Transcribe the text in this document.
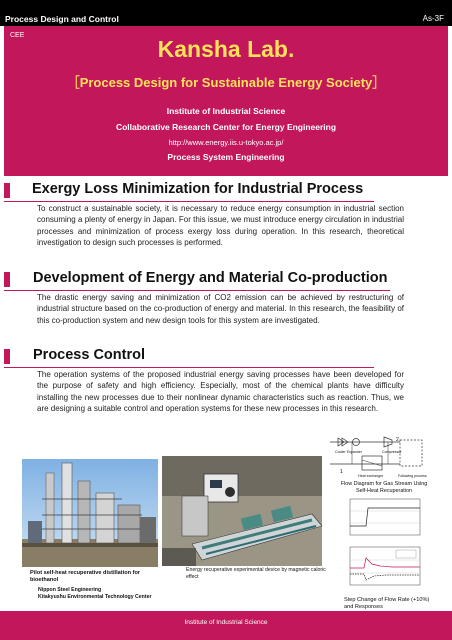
Process Design and Control	As-3F
CEE
Kansha Lab.
［Process Design for Sustainable Energy Society］
Institute of Industrial Science
Collaborative Research Center for Energy Engineering
http://www.energy.iis.u-tokyo.ac.jp/
Process System Engineering
Exergy Loss Minimization for Industrial Process
To construct a sustainable society, it is necessary to reduce energy consumption in industrial section consuming a plenty of energy in Japan. For this issue, we must introduce energy circulation in industrial processes and minimization of process exergy loss during operation. In this research, theoretical investigation to design such processes is performed.
Development of Energy and Material Co-production
The drastic energy saving and minimization of CO2 emission can be achieved by restructuring of industrial structure based on the co-production of energy and material. In this research, the feasibility of this co-production system and new design tools for this system are investigated.
Process Control
The operation systems of the proposed industrial energy saving processes have been developed for the purpose of safety and high efficiency. Especially, most of the chemical plants have difficulty installing the new processes due to their nonlinear dynamic characteristics such as reaction. Thus, we are designing a suitable control and operation systems for these new processes in this research.
Pilot self-heat recuperative distillation for bioethanol
Nippon Steel Engineering
Kitakyushu Environmental Technology Center
Energy recuperative experimental device by magnetic caloric effect
Cooler Expander	Compressor
1
2
Heat exchanger	Following process
Flow Diagram for Gas Stream Using Self-Heat Recuperation
Step Change of Flow Rate (+10%) and Responses
Institute of Industrial Science
